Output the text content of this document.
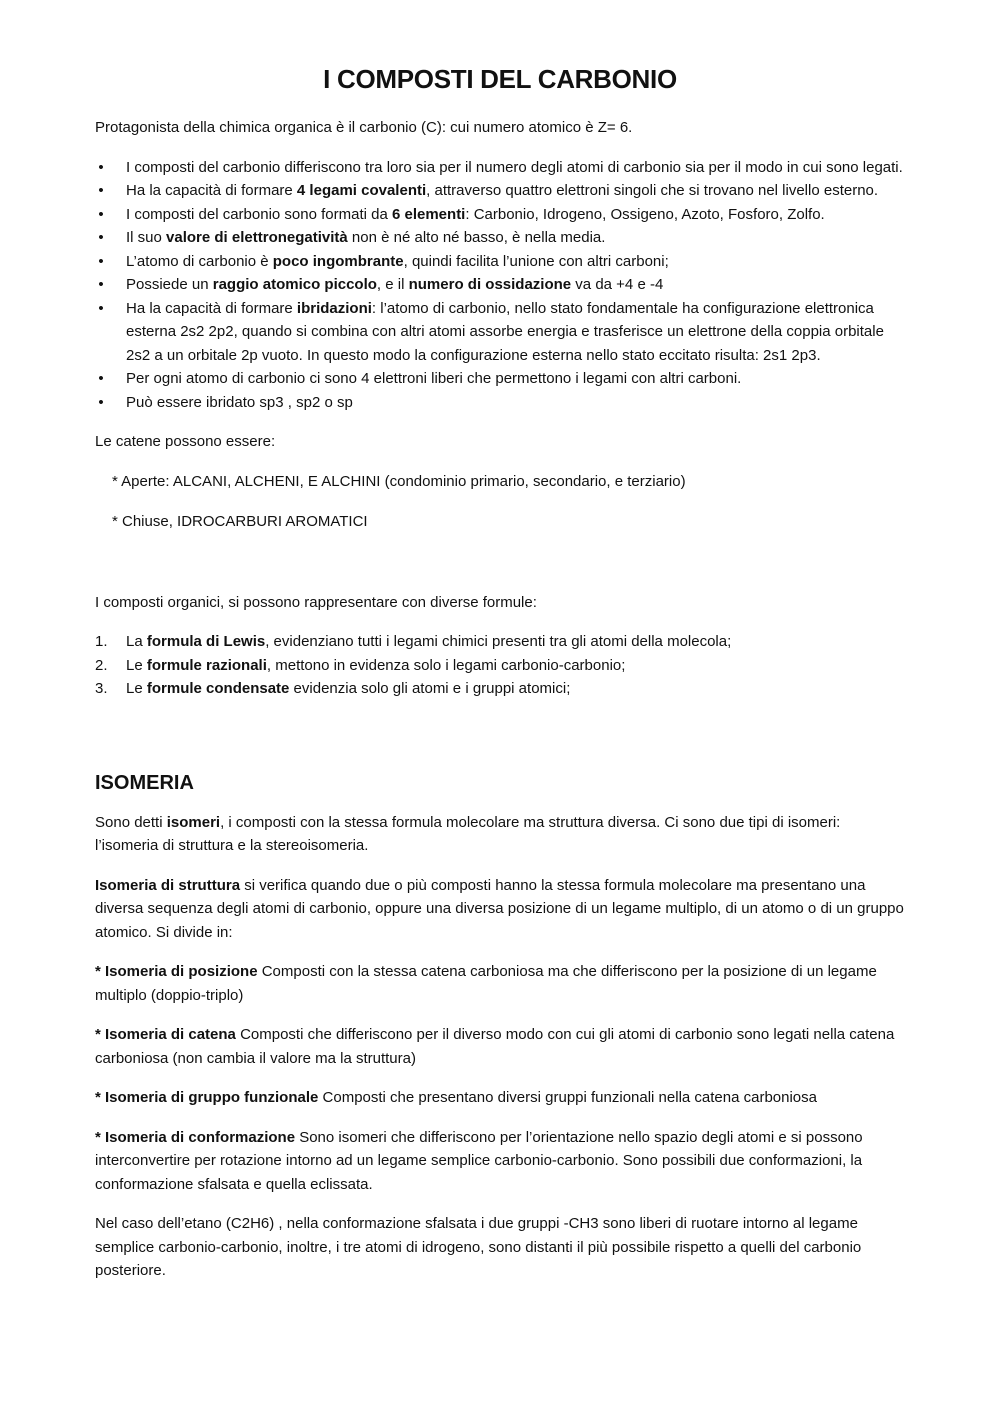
I COMPOSTI DEL CARBONIO

Protagonista della chimica organica è il carbonio (C): cui numero atomico è Z= 6.

• I composti del carbonio differiscono tra loro sia per il numero degli atomi di carbonio sia per il modo in cui sono legati.
• Ha la capacità di formare 4 legami covalenti, attraverso quattro elettroni singoli che si trovano nel livello esterno.
• I composti del carbonio sono formati da 6 elementi: Carbonio, Idrogeno, Ossigeno, Azoto, Fosforo, Zolfo.
• Il suo valore di elettronegatività non è né alto né basso, è nella media.
• L’atomo di carbonio è poco ingombrante, quindi facilita l’unione con altri carboni;
• Possiede un raggio atomico piccolo, e il numero di ossidazione va da +4 e -4
• Ha la capacità di formare ibridazioni: l’atomo di carbonio, nello stato fondamentale ha configurazione elettronica esterna 2s2 2p2, quando si combina con altri atomi assorbe energia e trasferisce un elettrone della coppia orbitale 2s2 a un orbitale 2p vuoto. In questo modo la configurazione esterna nello stato eccitato risulta: 2s1 2p3.
• Per ogni atomo di carbonio ci sono 4 elettroni liberi che permettono i legami con altri carboni.
• Può essere ibridato sp3 , sp2 o sp

Le catene possono essere:

* Aperte: ALCANI, ALCHENI, E ALCHINI (condominio primario, secondario, e terziario)

* Chiuse, IDROCARBURI AROMATICI

I composti organici, si possono rappresentare con diverse formule:

1. La formula di Lewis, evidenziano tutti i legami chimici presenti tra gli atomi della molecola;
2. Le formule razionali, mettono in evidenza solo i legami carbonio-carbonio;
3. Le formule condensate evidenzia solo gli atomi e i gruppi atomici;
ISOMERIA

Sono detti isomeri, i composti con la stessa formula molecolare ma struttura diversa. Ci sono due tipi di isomeri: l’isomeria di struttura e la stereoisomeria.

Isomeria di struttura si verifica quando due o più composti hanno la stessa formula molecolare ma presentano una diversa sequenza degli atomi di carbonio, oppure una diversa posizione di un legame multiplo, di un atomo o di un gruppo atomico. Si divide in:

* Isomeria di posizione Composti con la stessa catena carboniosa ma che differiscono per la posizione di un legame multiplo (doppio-triplo)

* Isomeria di catena Composti che differiscono per il diverso modo con cui gli atomi di carbonio sono legati nella catena carboniosa (non cambia il valore ma la struttura)

* Isomeria di gruppo funzionale Composti che presentano diversi gruppi funzionali nella catena carboniosa

* Isomeria di conformazione Sono isomeri che differiscono per l’orientazione nello spazio degli atomi e si possono interconvertire per rotazione intorno ad un legame semplice carbonio-carbonio. Sono possibili due conformazioni, la conformazione sfalsata e quella eclissata.

Nel caso dell’etano (C2H6) , nella conformazione sfalsata i due gruppi -CH3 sono liberi di ruotare intorno al legame semplice carbonio-carbonio, inoltre, i tre atomi di idrogeno, sono distanti il più possibile rispetto a quelli del carbonio posteriore.
